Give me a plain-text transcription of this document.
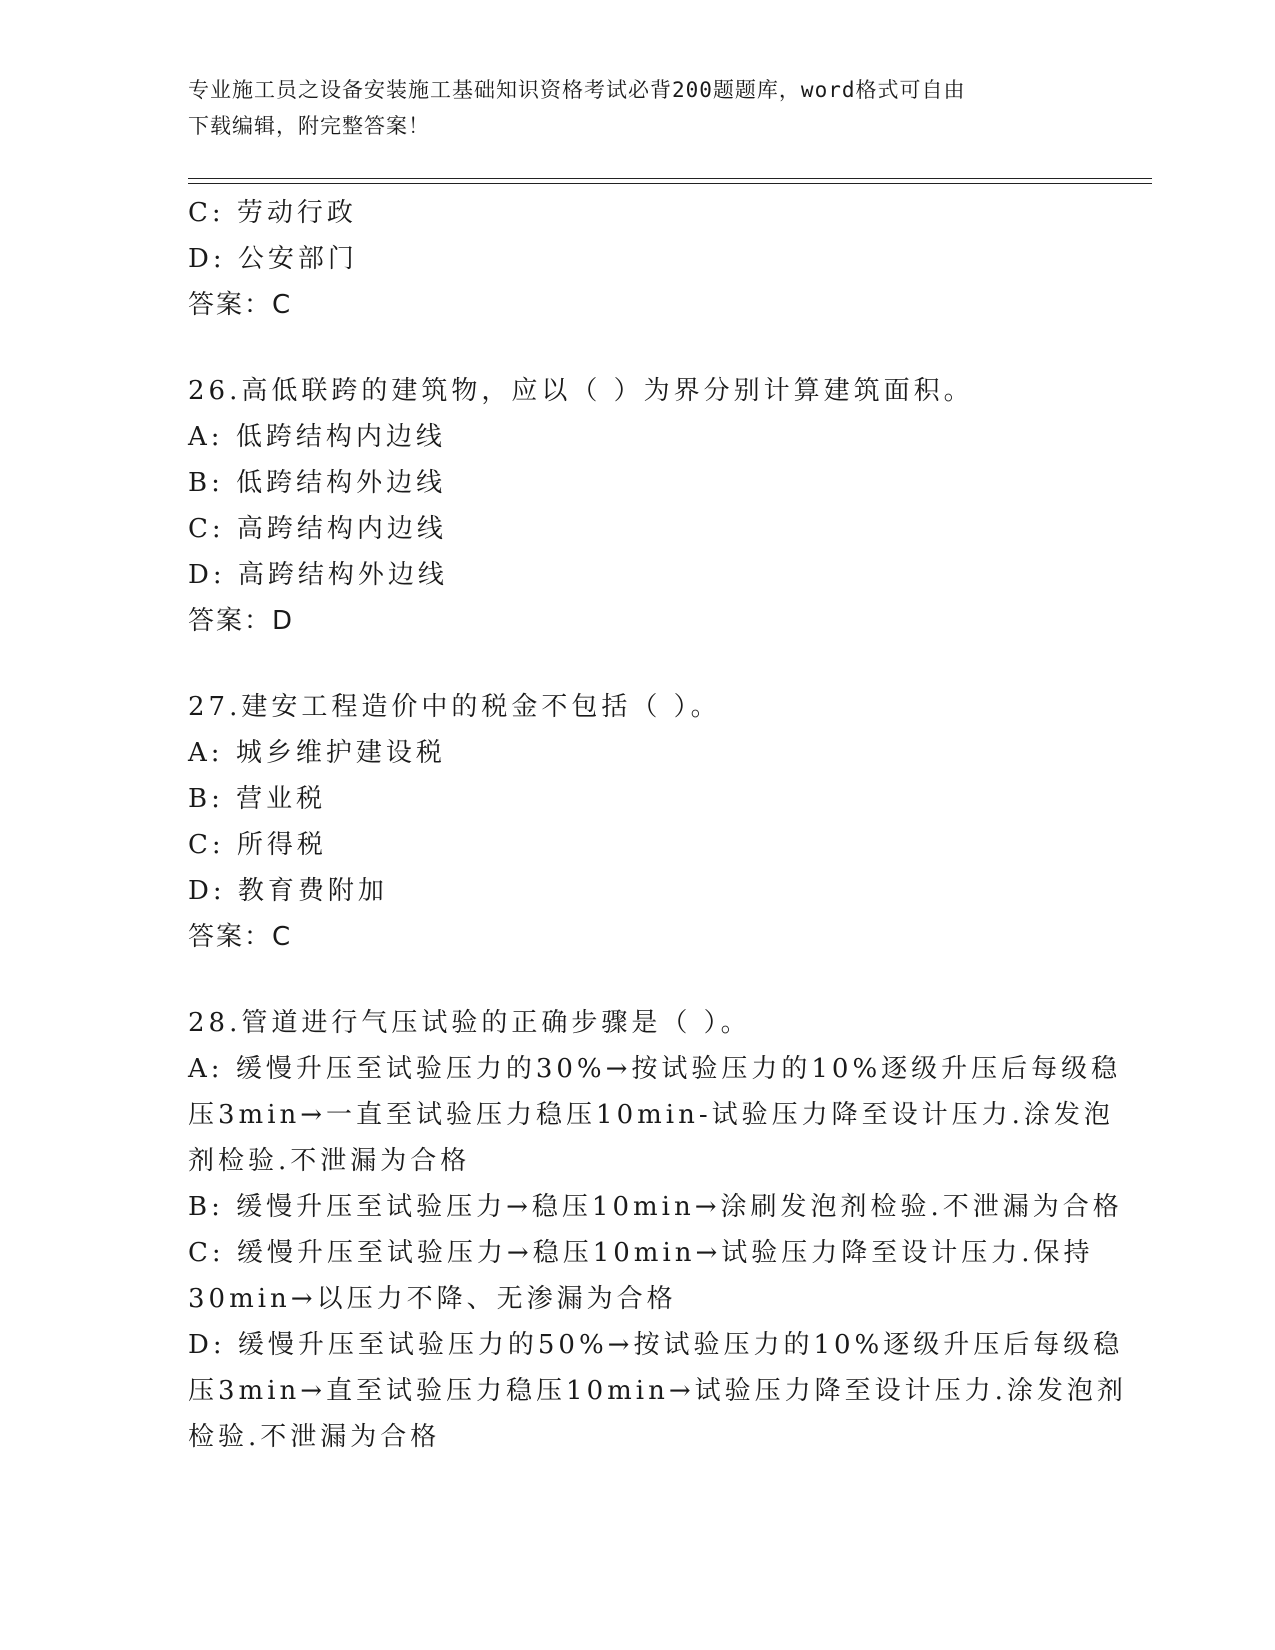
专业施工员之设备安装施工基础知识资格考试必背200题题库，word格式可自由
下载编辑，附完整答案！
C: 劳动行政
D: 公安部门
答案：C
26.高低联跨的建筑物，应以（ ）为界分别计算建筑面积。
A: 低跨结构内边线
B: 低跨结构外边线
C: 高跨结构内边线
D: 高跨结构外边线
答案：D
27.建安工程造价中的税金不包括（ ）。
A: 城乡维护建设税
B: 营业税
C: 所得税
D: 教育费附加
答案：C
28.管道进行气压试验的正确步骤是（ ）。
A: 缓慢升压至试验压力的30%→按试验压力的10%逐级升压后每级稳
压3min→一直至试验压力稳压10min-试验压力降至设计压力.涂发泡
剂检验.不泄漏为合格
B: 缓慢升压至试验压力→稳压10min→涂刷发泡剂检验.不泄漏为合格
C: 缓慢升压至试验压力→稳压10min→试验压力降至设计压力.保持
30min→以压力不降、无渗漏为合格
D: 缓慢升压至试验压力的50%→按试验压力的10%逐级升压后每级稳
压3min→直至试验压力稳压10min→试验压力降至设计压力.涂发泡剂
检验.不泄漏为合格
